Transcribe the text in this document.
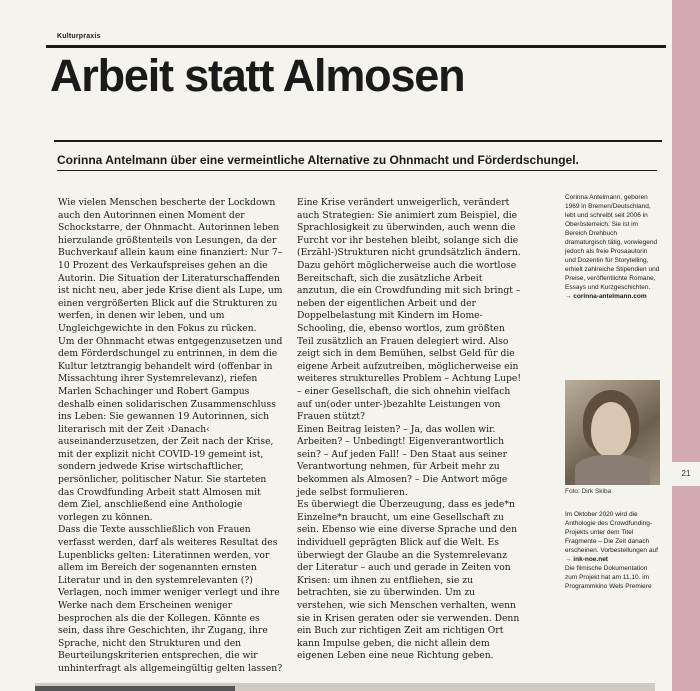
21
Kulturpraxis
Arbeit statt Almosen
Corinna Antelmann über eine vermeintliche Alternative zu Ohnmacht und Förderdschungel.

Wie vielen Menschen bescherte der Lockdown auch den Autorinnen einen Moment der Schockstarre, der Ohnmacht. Autorinnen leben hierzulande größtenteils von Lesungen, da der Buchverkauf allein kaum eine finanziert: Nur 7–10 Prozent des Verkaufspreises gehen an die Autorin. Die Situation der Literaturschaffenden ist nicht neu, aber jede Krise dient als Lupe, um einen vergrößerten Blick auf die Strukturen zu werfen, in denen wir leben, und um Ungleichgewichte in den Fokus zu rücken.

Um der Ohnmacht etwas entgegenzusetzen und dem Förderdschungel zu entrinnen, in dem die Kultur letztrangig behandelt wird (offenbar in Missachtung ihrer Systemrelevanz), riefen Marlen Schachinger und Robert Gampus deshalb einen solidarischen Zusammenschluss ins Leben: Sie gewannen 19 Autorinnen, sich literarisch mit der Zeit ›Danach‹ auseinanderzusetzen, der Zeit nach der Krise, mit der explizit nicht COVID-19 gemeint ist, sondern jedwede Krise wirtschaftlicher, persönlicher, politischer Natur. Sie starteten das Crowdfunding Arbeit statt Almosen mit dem Ziel, anschließend eine Anthologie vorlegen zu können.

Dass die Texte ausschließlich von Frauen verfasst werden, darf als weiteres Resultat des Lupenblicks gelten: Literatinnen werden, vor allem im Bereich der sogenannten ernsten Literatur und in den systemrelevanten (?) Verlagen, noch immer weniger verlegt und ihre Werke nach dem Erscheinen weniger besprochen als die der Kollegen. Könnte es sein, dass ihre Geschichten, ihr Zugang, ihre Sprache, nicht den Strukturen und den Beurteilungskriterien entsprechen, die wir unhinterfragt als allgemeingültig gelten lassen?

Eine Krise verändert unweigerlich, verändert auch Strategien: Sie animiert zum Beispiel, die Sprachlosigkeit zu überwinden, auch wenn die Furcht vor ihr bestehen bleibt, solange sich die (Erzähl-)Strukturen nicht grundsätzlich ändern. Dazu gehört möglicherweise auch die wortlose Bereitschaft, sich die zusätzliche Arbeit anzutun, die ein Crowdfunding mit sich bringt – neben der eigentlichen Arbeit und der Doppelbelastung mit Kindern im Home-Schooling, die, ebenso wortlos, zum größten Teil zusätzlich an Frauen delegiert wird. Also zeigt sich in dem Bemühen, selbst Geld für die eigene Arbeit aufzutreiben, möglicherweise ein weiteres strukturelles Problem – Achtung Lupe! – einer Gesellschaft, die sich ohnehin vielfach auf un(oder unter-)bezahlte Leistungen von Frauen stützt?

Einen Beitrag leisten? – Ja, das wollen wir. Arbeiten? – Unbedingt! Eigenverantwortlich sein? – Auf jeden Fall! – Den Staat aus seiner Verantwortung nehmen, für Arbeit mehr zu bekommen als Almosen? – Die Antwort möge jede selbst formulieren.

Es überwiegt die Überzeugung, dass es jede*n Einzelne*n braucht, um eine Gesellschaft zu sein. Ebenso wie eine diverse Sprache und den individuell geprägten Blick auf die Welt. Es überwiegt der Glaube an die Systemrelevanz der Literatur – auch und gerade in Zeiten von Krisen: um ihnen zu entfliehen, sie zu betrachten, sie zu überwinden. Um zu verstehen, wie sich Menschen verhalten, wenn sie in Krisen geraten oder sie verwenden. Denn ein Buch zur richtigen Zeit am richtigen Ort kann Impulse geben, die nicht allein dem eigenen Leben eine neue Richtung geben.

Corinna Antelmann, geboren 1969 in Bremen/Deutschland, lebt und schreibt seit 2006 in Oberösterreich. Sie ist im Bereich Drehbuch dramaturgisch tätig, vorwiegend jedoch als freie Prosaautorin und Dozentin für Storytelling, erhielt zahlreiche Stipendien und Preise, veröffentlichte Romane, Essays und Kurzgeschichten.

→ corinna-antelmann.com

Foto: Dirk Skiba

Im Oktober 2020 wird die Anthologie des Crowdfunding-Projekts unter dem Titel Fragmente – Die Zeit danach erscheinen. Vorbestellungen auf

→ ink-noe.net

Die filmische Dokumentation zum Projekt hat am 11.10. im Programmkino Wels Premiere
